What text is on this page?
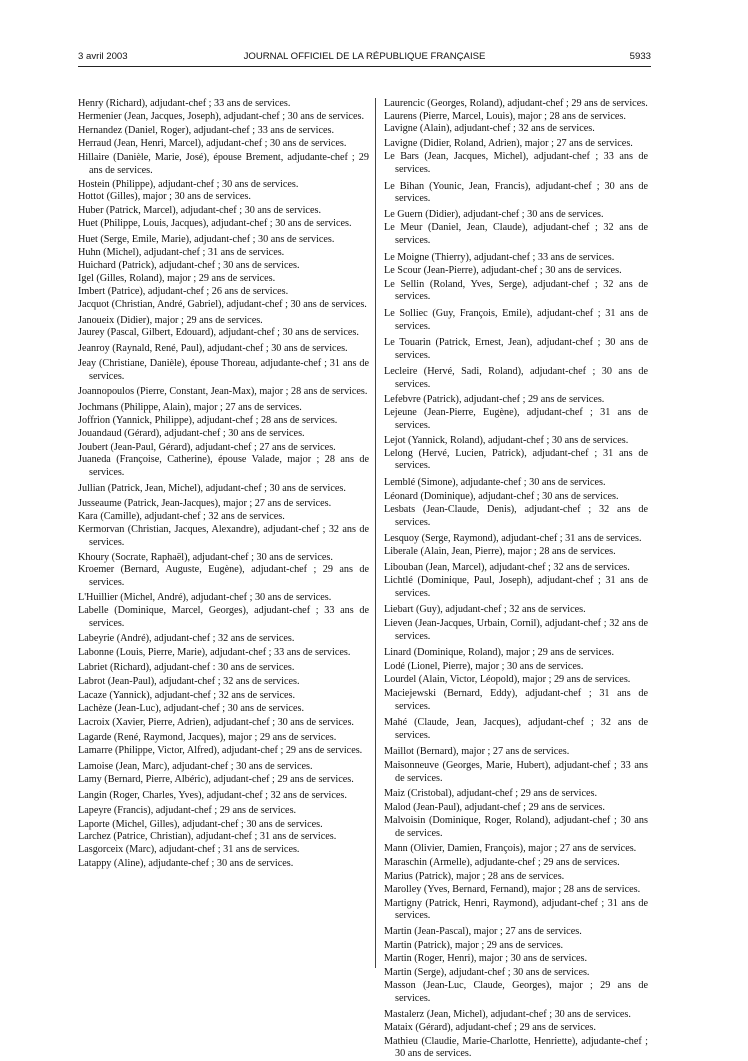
3 avril 2003	JOURNAL OFFICIEL DE LA RÉPUBLIQUE FRANÇAISE	5933
Henry (Richard), adjudant-chef ; 33 ans de services.
Hermenier (Jean, Jacques, Joseph), adjudant-chef ; 30 ans de services.
Hernandez (Daniel, Roger), adjudant-chef ; 33 ans de services.
Herraud (Jean, Henri, Marcel), adjudant-chef ; 30 ans de services.
Hillaire (Danièle, Marie, José), épouse Brement, adjudante-chef ; 29 ans de services.
Hostein (Philippe), adjudant-chef ; 30 ans de services.
Hottot (Gilles), major ; 30 ans de services.
Huber (Patrick, Marcel), adjudant-chef ; 30 ans de services.
Huet (Philippe, Louis, Jacques), adjudant-chef ; 30 ans de services.
Huet (Serge, Emile, Marie), adjudant-chef ; 30 ans de services.
Huhn (Michel), adjudant-chef ; 31 ans de services.
Huichard (Patrick), adjudant-chef ; 30 ans de services.
Igel (Gilles, Roland), major ; 29 ans de services.
Imbert (Patrice), adjudant-chef ; 26 ans de services.
Jacquot (Christian, André, Gabriel), adjudant-chef ; 30 ans de services.
Janoueix (Didier), major ; 29 ans de services.
Jaurey (Pascal, Gilbert, Edouard), adjudant-chef ; 30 ans de services.
Jeanroy (Raynald, René, Paul), adjudant-chef ; 30 ans de services.
Jeay (Christiane, Danièle), épouse Thoreau, adjudante-chef ; 31 ans de services.
Joannopoulos (Pierre, Constant, Jean-Max), major ; 28 ans de services.
Jochmans (Philippe, Alain), major ; 27 ans de services.
Joffrion (Yannick, Philippe), adjudant-chef ; 28 ans de services.
Jouandaud (Gérard), adjudant-chef ; 30 ans de services.
Joubert (Jean-Paul, Gérard), adjudant-chef ; 27 ans de services.
Juaneda (Françoise, Catherine), épouse Valade, major ; 28 ans de services.
Jullian (Patrick, Jean, Michel), adjudant-chef ; 30 ans de services.
Jusseaume (Patrick, Jean-Jacques), major ; 27 ans de services.
Kara (Camille), adjudant-chef ; 32 ans de services.
Kermorvan (Christian, Jacques, Alexandre), adjudant-chef ; 32 ans de services.
Khoury (Socrate, Raphaël), adjudant-chef ; 30 ans de services.
Kroemer (Bernard, Auguste, Eugène), adjudant-chef ; 29 ans de services.
L'Huillier (Michel, André), adjudant-chef ; 30 ans de services.
Labelle (Dominique, Marcel, Georges), adjudant-chef ; 33 ans de services.
Labeyrie (André), adjudant-chef ; 32 ans de services.
Labonne (Louis, Pierre, Marie), adjudant-chef ; 33 ans de services.
Labriet (Richard), adjudant-chef : 30 ans de services.
Labrot (Jean-Paul), adjudant-chef ; 32 ans de services.
Lacaze (Yannick), adjudant-chef ; 32 ans de services.
Lachèze (Jean-Luc), adjudant-chef ; 30 ans de services.
Lacroix (Xavier, Pierre, Adrien), adjudant-chef ; 30 ans de services.
Lagarde (René, Raymond, Jacques), major ; 29 ans de services.
Lamarre (Philippe, Victor, Alfred), adjudant-chef ; 29 ans de services.
Lamoise (Jean, Marc), adjudant-chef ; 30 ans de services.
Lamy (Bernard, Pierre, Albéric), adjudant-chef ; 29 ans de services.
Langin (Roger, Charles, Yves), adjudant-chef ; 32 ans de services.
Lapeyre (Francis), adjudant-chef ; 29 ans de services.
Laporte (Michel, Gilles), adjudant-chef ; 30 ans de services.
Larchez (Patrice, Christian), adjudant-chef ; 31 ans de services.
Lasgorceix (Marc), adjudant-chef ; 31 ans de services.
Latappy (Aline), adjudante-chef ; 30 ans de services.
Laurencic (Georges, Roland), adjudant-chef ; 29 ans de services.
Laurens (Pierre, Marcel, Louis), major ; 28 ans de services.
Lavigne (Alain), adjudant-chef ; 32 ans de services.
Lavigne (Didier, Roland, Adrien), major ; 27 ans de services.
Le Bars (Jean, Jacques, Michel), adjudant-chef ; 33 ans de services.
Le Bihan (Younic, Jean, Francis), adjudant-chef ; 30 ans de services.
Le Guern (Didier), adjudant-chef ; 30 ans de services.
Le Meur (Daniel, Jean, Claude), adjudant-chef ; 32 ans de services.
Le Moigne (Thierry), adjudant-chef ; 33 ans de services.
Le Scour (Jean-Pierre), adjudant-chef ; 30 ans de services.
Le Sellin (Roland, Yves, Serge), adjudant-chef ; 32 ans de services.
Le Solliec (Guy, François, Emile), adjudant-chef ; 31 ans de services.
Le Touarin (Patrick, Ernest, Jean), adjudant-chef ; 30 ans de services.
Lecleire (Hervé, Sadi, Roland), adjudant-chef ; 30 ans de services.
Lefebvre (Patrick), adjudant-chef ; 29 ans de services.
Lejeune (Jean-Pierre, Eugène), adjudant-chef ; 31 ans de services.
Lejot (Yannick, Roland), adjudant-chef ; 30 ans de services.
Lelong (Hervé, Lucien, Patrick), adjudant-chef ; 31 ans de services.
Lemblé (Simone), adjudante-chef ; 30 ans de services.
Léonard (Dominique), adjudant-chef ; 30 ans de services.
Lesbats (Jean-Claude, Denis), adjudant-chef ; 32 ans de services.
Lesquoy (Serge, Raymond), adjudant-chef ; 31 ans de services.
Liberale (Alain, Jean, Pierre), major ; 28 ans de services.
Libouban (Jean, Marcel), adjudant-chef ; 32 ans de services.
Lichtlé (Dominique, Paul, Joseph), adjudant-chef ; 31 ans de services.
Liebart (Guy), adjudant-chef ; 32 ans de services.
Lieven (Jean-Jacques, Urbain, Cornil), adjudant-chef ; 32 ans de services.
Linard (Dominique, Roland), major ; 29 ans de services.
Lodé (Lionel, Pierre), major ; 30 ans de services.
Lourdel (Alain, Victor, Léopold), major ; 29 ans de services.
Maciejewski (Bernard, Eddy), adjudant-chef ; 31 ans de services.
Mahé (Claude, Jean, Jacques), adjudant-chef ; 32 ans de services.
Maillot (Bernard), major ; 27 ans de services.
Maisonneuve (Georges, Marie, Hubert), adjudant-chef ; 33 ans de services.
Maiz (Cristobal), adjudant-chef ; 29 ans de services.
Malod (Jean-Paul), adjudant-chef ; 29 ans de services.
Malvoisin (Dominique, Roger, Roland), adjudant-chef ; 30 ans de services.
Mann (Olivier, Damien, François), major ; 27 ans de services.
Maraschin (Armelle), adjudante-chef ; 29 ans de services.
Marius (Patrick), major ; 28 ans de services.
Marolley (Yves, Bernard, Fernand), major ; 28 ans de services.
Martigny (Patrick, Henri, Raymond), adjudant-chef ; 31 ans de services.
Martin (Jean-Pascal), major ; 27 ans de services.
Martin (Patrick), major ; 29 ans de services.
Martin (Roger, Henri), major ; 30 ans de services.
Martin (Serge), adjudant-chef ; 30 ans de services.
Masson (Jean-Luc, Claude, Georges), major ; 29 ans de services.
Mastalerz (Jean, Michel), adjudant-chef ; 30 ans de services.
Mataix (Gérard), adjudant-chef ; 29 ans de services.
Mathieu (Claudie, Marie-Charlotte, Henriette), adjudante-chef ; 30 ans de services.
